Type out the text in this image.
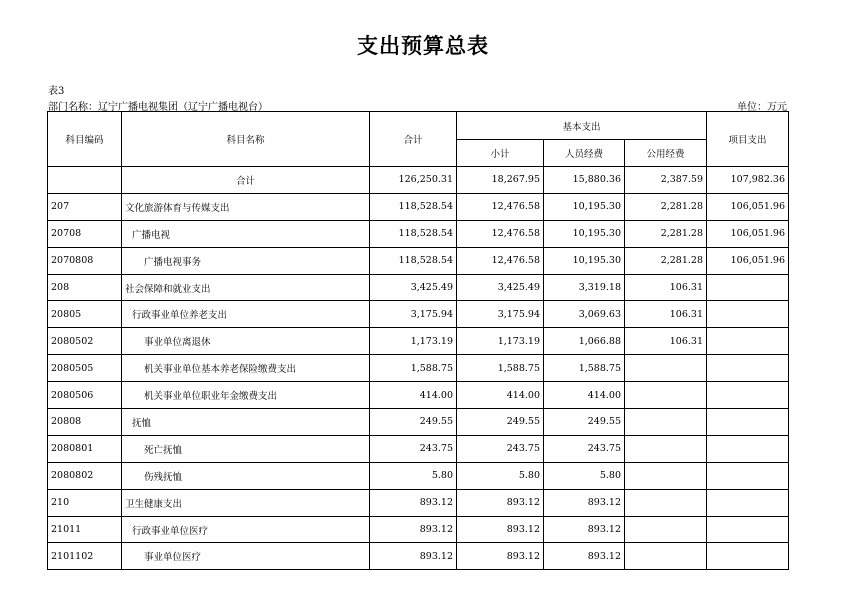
支出预算总表
表3
部门名称：辽宁广播电视集团（辽宁广播电视台）	单位：万元
科目编码	科目名称	合计	基本支出			项目支出
			小计	人员经费	公用经费	
	合计	126,250.31	18,267.95	15,880.36	2,387.59	107,982.36
207	文化旅游体育与传媒支出	118,528.54	12,476.58	10,195.30	2,281.28	106,051.96
20708	广播电视	118,528.54	12,476.58	10,195.30	2,281.28	106,051.96
2070808	广播电视事务	118,528.54	12,476.58	10,195.30	2,281.28	106,051.96
208	社会保障和就业支出	3,425.49	3,425.49	3,319.18	106.31	
20805	行政事业单位养老支出	3,175.94	3,175.94	3,069.63	106.31	
2080502	事业单位离退休	1,173.19	1,173.19	1,066.88	106.31	
2080505	机关事业单位基本养老保险缴费支出	1,588.75	1,588.75	1,588.75		
2080506	机关事业单位职业年金缴费支出	414.00	414.00	414.00		
20808	抚恤	249.55	249.55	249.55		
2080801	死亡抚恤	243.75	243.75	243.75		
2080802	伤残抚恤	5.80	5.80	5.80		
210	卫生健康支出	893.12	893.12	893.12		
21011	行政事业单位医疗	893.12	893.12	893.12		
2101102	事业单位医疗	893.12	893.12	893.12		
